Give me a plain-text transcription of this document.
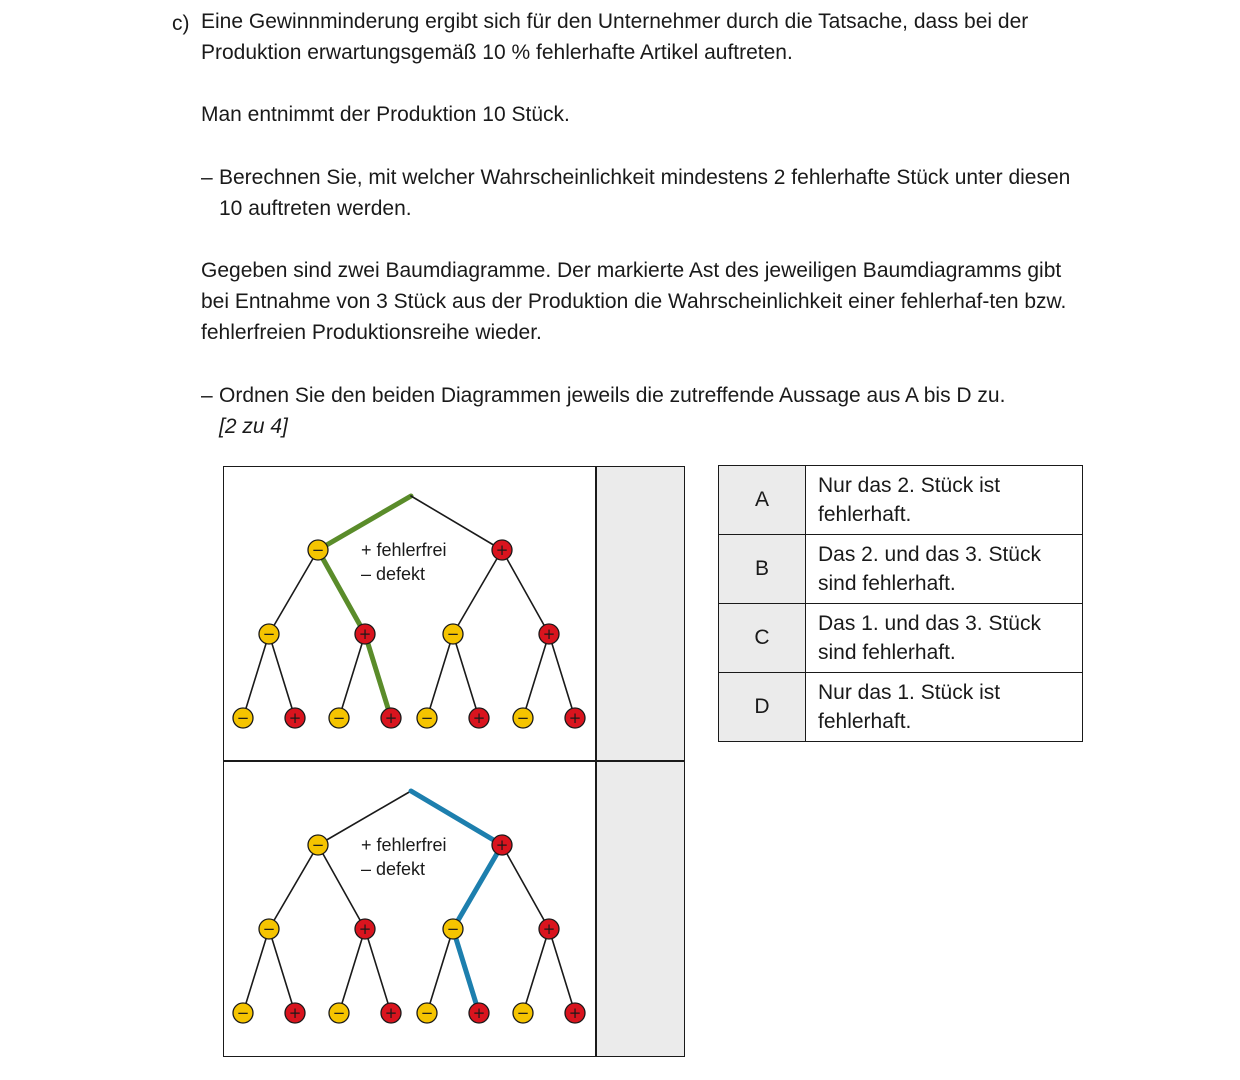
c) Eine Gewinnminderung ergibt sich für den Unternehmer durch die Tatsache, dass bei der Produktion erwartungsgemäß 10 % fehlerhafte Artikel auftreten.

Man entnimmt der Produktion 10 Stück.

– Berechnen Sie, mit welcher Wahrscheinlichkeit mindestens 2 fehlerhafte Stück unter diesen 10 auftreten werden.

Gegeben sind zwei Baumdiagramme. Der markierte Ast des jeweiligen Baumdiagramms gibt bei Entnahme von 3 Stück aus der Produktion die Wahrscheinlichkeit einer fehlerhaf-ten bzw. fehlerfreien Produktionsreihe wieder.

– Ordnen Sie den beiden Diagrammen jeweils die zutreffende Aussage aus A bis D zu.
[2 zu 4]

−
−
−	+
+
−	+
+
−
−	+
+
−	+
+ fehlerfrei
– defekt
−
−
−	+
+
−	+
+
−
−	+
+
−	+
+ fehlerfrei
– defekt
A	Nur das 2. Stück ist fehlerhaft.
B	Das 2. und das 3. Stück sind fehlerhaft.
C	Das 1. und das 3. Stück sind fehlerhaft.
D	Nur das 1. Stück ist fehlerhaft.
